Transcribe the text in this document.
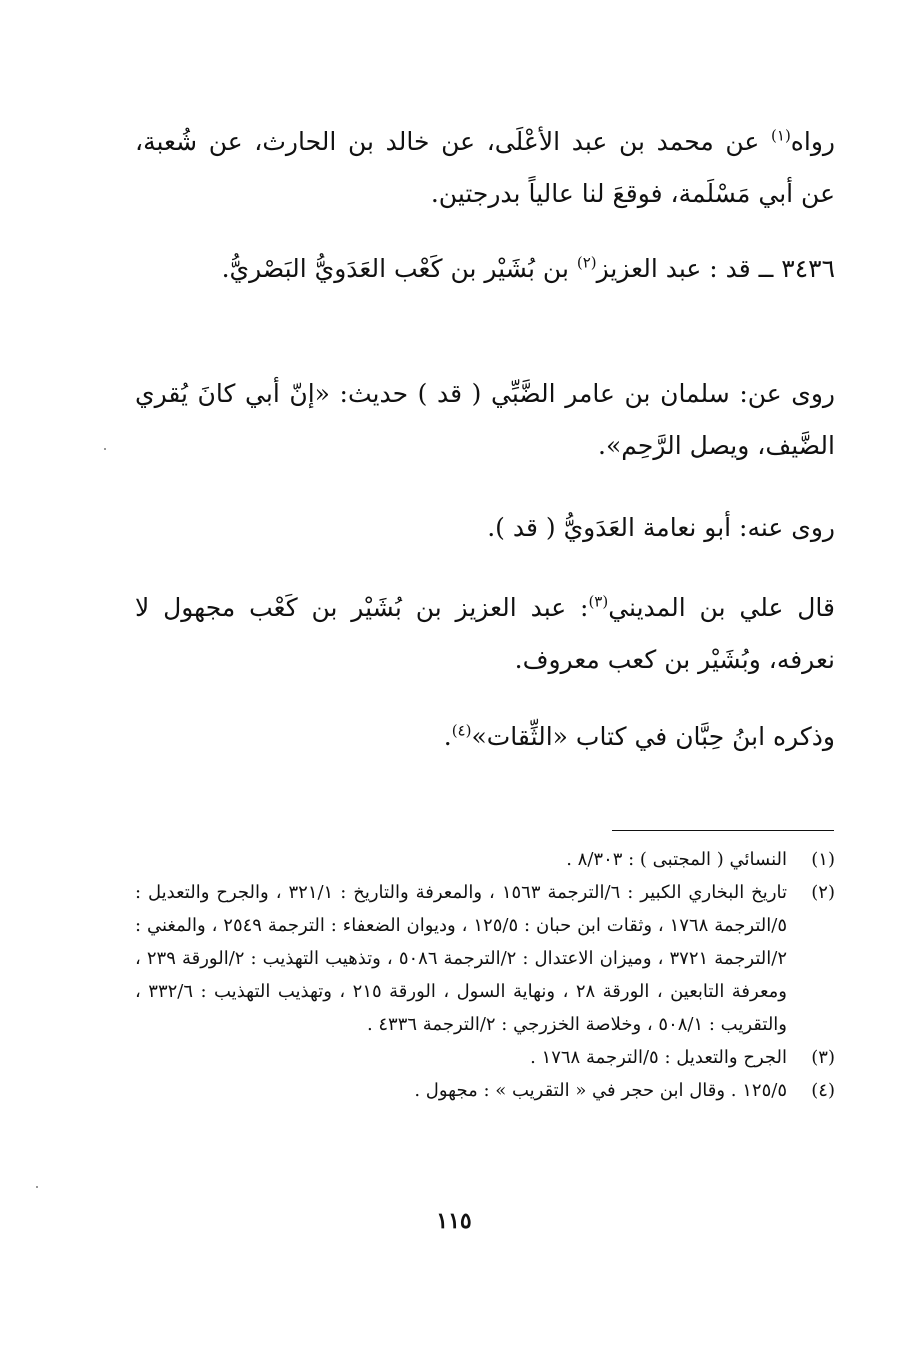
رواه$^{(١)}$ عن محمد بن عبد الأعْلَى، عن خالد بن الحارث، عن شُعبة، عن أبي مَسْلَمة، فوقعَ لنا عالياً بدرجتين.

٣٤٣٦ ــ قد : عبد العزيز$^{(٢)}$ بن بُشَيْر بن كَعْب العَدَويُّ البَصْريُّ.

روى عن: سلمان بن عامر الضَّبِّي ( قد ) حديث: «إنّ أبي كانَ يُقري الضَّيف، ويصل الرَّحِم».

روى عنه: أبو نعامة العَدَويُّ ( قد ).

قال علي بن المديني$^{(٣)}$: عبد العزيز بن بُشَيْر بن كَعْب مجهول لا نعرفه، وبُشَيْر بن كعب معروف.

وذكره ابنُ حِبَّان في كتاب «الثِّقات»$^{(٤)}$.

(١)
النسائي ( المجتبى ) : ٨/٣٠٣ .
(٢)
تاريخ البخاري الكبير : ٦/الترجمة ١٥٦٣ ، والمعرفة والتاريخ : ٣٢١/١ ، والجرح والتعديل : ٥/الترجمة ١٧٦٨ ، وثقات ابن حبان : ١٢٥/٥ ، وديوان الضعفاء : الترجمة ٢٥٤٩ ، والمغني : ٢/الترجمة ٣٧٢١ ، وميزان الاعتدال : ٢/الترجمة ٥٠٨٦ ، وتذهيب التهذيب : ٢/الورقة ٢٣٩ ، ومعرفة التابعين ، الورقة ٢٨ ، ونهاية السول ، الورقة ٢١٥ ، وتهذيب التهذيب : ٣٣٢/٦ ، والتقريب : ٥٠٨/١ ، وخلاصة الخزرجي : ٢/الترجمة ٤٣٣٦ .
(٣)
الجرح والتعديل : ٥/الترجمة ١٧٦٨ .
(٤)
١٢٥/٥ . وقال ابن حجر في « التقريب » : مجهول .
١١٥
